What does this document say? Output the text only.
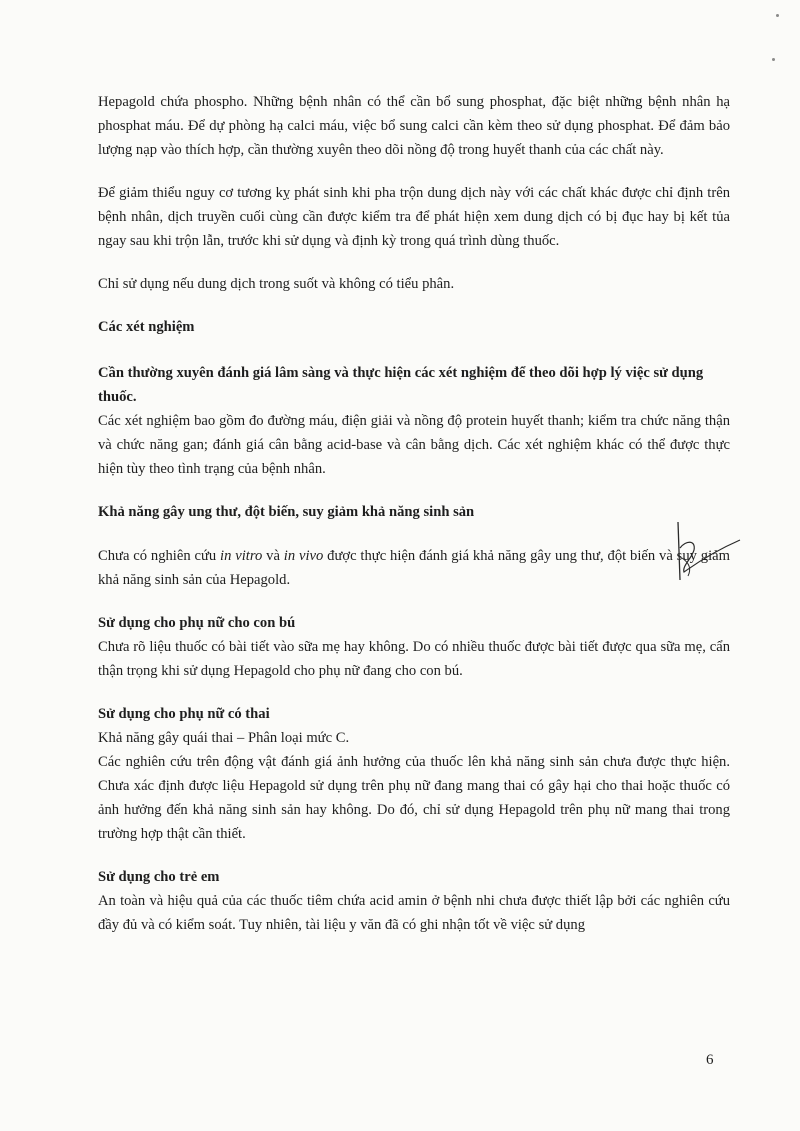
Hepagold chứa phospho. Những bệnh nhân có thể cần bổ sung phosphat, đặc biệt những bệnh nhân hạ phosphat máu. Để dự phòng hạ calci máu, việc bổ sung calci cần kèm theo sử dụng phosphat. Để đảm bảo lượng nạp vào thích hợp, cần thường xuyên theo dõi nồng độ trong huyết thanh của các chất này.

Để giảm thiểu nguy cơ tương kỵ phát sinh khi pha trộn dung dịch này với các chất khác được chỉ định trên bệnh nhân, dịch truyền cuối cùng cần được kiểm tra để phát hiện xem dung dịch có bị đục hay bị kết tủa ngay sau khi trộn lẫn, trước khi sử dụng và định kỳ trong quá trình dùng thuốc.

Chỉ sử dụng nếu dung dịch trong suốt và không có tiểu phân.

Các xét nghiệm

Cần thường xuyên đánh giá lâm sàng và thực hiện các xét nghiệm để theo dõi hợp lý việc sử dụng thuốc.

Các xét nghiệm bao gồm đo đường máu, điện giải và nồng độ protein huyết thanh; kiểm tra chức năng thận và chức năng gan; đánh giá cân bằng acid-base và cân bằng dịch. Các xét nghiệm khác có thể được thực hiện tùy theo tình trạng của bệnh nhân.

Khả năng gây ung thư, đột biến, suy giảm khả năng sinh sản

Chưa có nghiên cứu in vitro và in vivo được thực hiện đánh giá khả năng gây ung thư, đột biến và suy giảm khả năng sinh sản của Hepagold.

Sử dụng cho phụ nữ cho con bú

Chưa rõ liệu thuốc có bài tiết vào sữa mẹ hay không. Do có nhiều thuốc được bài tiết được qua sữa mẹ, cẩn thận trọng khi sử dụng Hepagold cho phụ nữ đang cho con bú.

Sử dụng cho phụ nữ có thai

Khả năng gây quái thai – Phân loại mức C.

Các nghiên cứu trên động vật đánh giá ảnh hưởng của thuốc lên khả năng sinh sản chưa được thực hiện. Chưa xác định được liệu Hepagold sử dụng trên phụ nữ đang mang thai có gây hại cho thai hoặc thuốc có ảnh hưởng đến khả năng sinh sản hay không. Do đó, chỉ sử dụng Hepagold trên phụ nữ mang thai trong trường hợp thật cần thiết.

Sử dụng cho trẻ em

An toàn và hiệu quả của các thuốc tiêm chứa acid amin ở bệnh nhi chưa được thiết lập bởi các nghiên cứu đầy đủ và có kiểm soát. Tuy nhiên, tài liệu y văn đã có ghi nhận tốt về việc sử dụng

6
